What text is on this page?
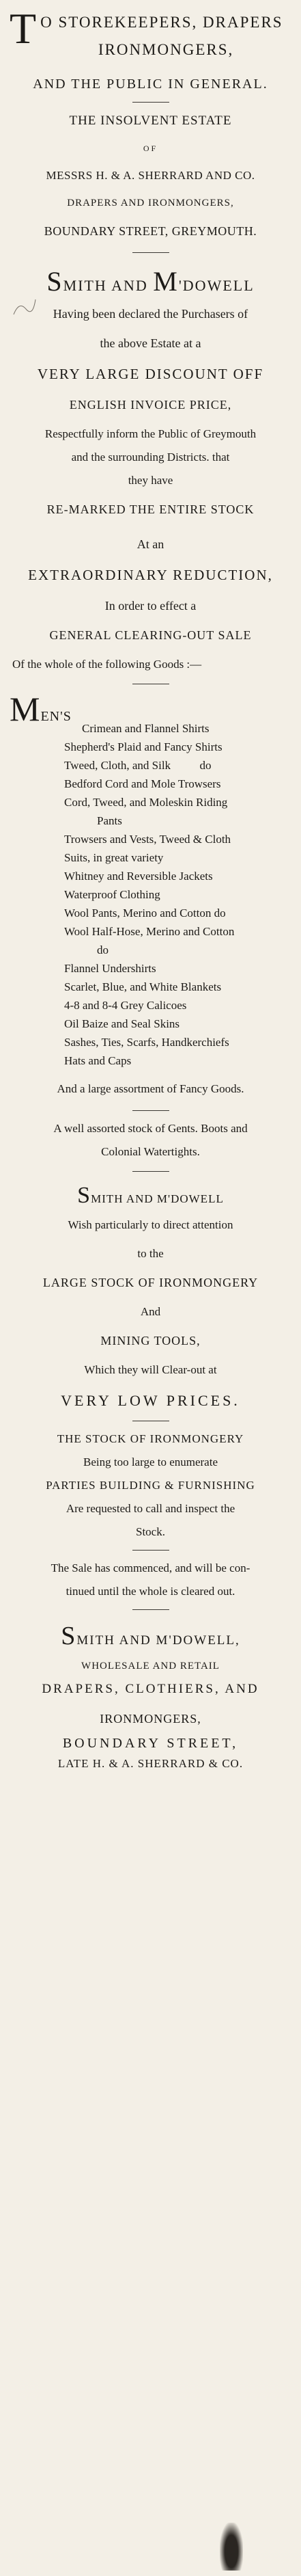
T O STOREKEEPERS, DRAPERS
IRONMONGERS,
AND THE PUBLIC IN GENERAL.
THE INSOLVENT ESTATE
OF
MESSRS H. & A. SHERRARD AND CO.
DRAPERS AND IRONMONGERS,
BOUNDARY STREET, GREYMOUTH.
SMITH AND M'DOWELL
Having been declared the Purchasers of
the above Estate at a
VERY LARGE DISCOUNT OFF
ENGLISH INVOICE PRICE,
Respectfully inform the Public of Greymouth
and the surrounding Districts. that
they have
RE-MARKED THE ENTIRE STOCK
At an
EXTRAORDINARY REDUCTION,
In order to effect a
GENERAL CLEARING-OUT SALE
Of the whole of the following Goods :—
MEN'S
Crimean and Flannel Shirts
Shepherd's Plaid and Fancy Shirts
Tweed, Cloth, and Silk          do
Bedford Cord and Mole Trowsers
Cord, Tweed, and Moleskin Riding
Pants
Trowsers and Vests, Tweed & Cloth
Suits, in great variety
Whitney and Reversible Jackets
Waterproof Clothing
Wool Pants, Merino and Cotton do
Wool Half-Hose, Merino and Cotton
do
Flannel Undershirts
Scarlet, Blue, and White Blankets
4-8 and 8-4 Grey Calicoes
Oil Baize and Seal Skins
Sashes, Ties, Scarfs, Handkerchiefs
Hats and Caps
And a large assortment of Fancy Goods.
A well assorted stock of Gents. Boots and
Colonial Watertights.
SMITH AND M'DOWELL
Wish particularly to direct attention
to the
LARGE STOCK OF IRONMONGERY
And
MINING TOOLS,
Which they will Clear-out at
VERY LOW PRICES.
THE STOCK OF IRONMONGERY
Being too large to enumerate
PARTIES BUILDING & FURNISHING
Are requested to call and inspect the
Stock.
The Sale has commenced, and will be con-
tinued until the whole is cleared out.
SMITH AND M'DOWELL,
WHOLESALE AND RETAIL
DRAPERS, CLOTHIERS, AND
IRONMONGERS,
BOUNDARY STREET,
LATE H. & A. SHERRARD & CO.
